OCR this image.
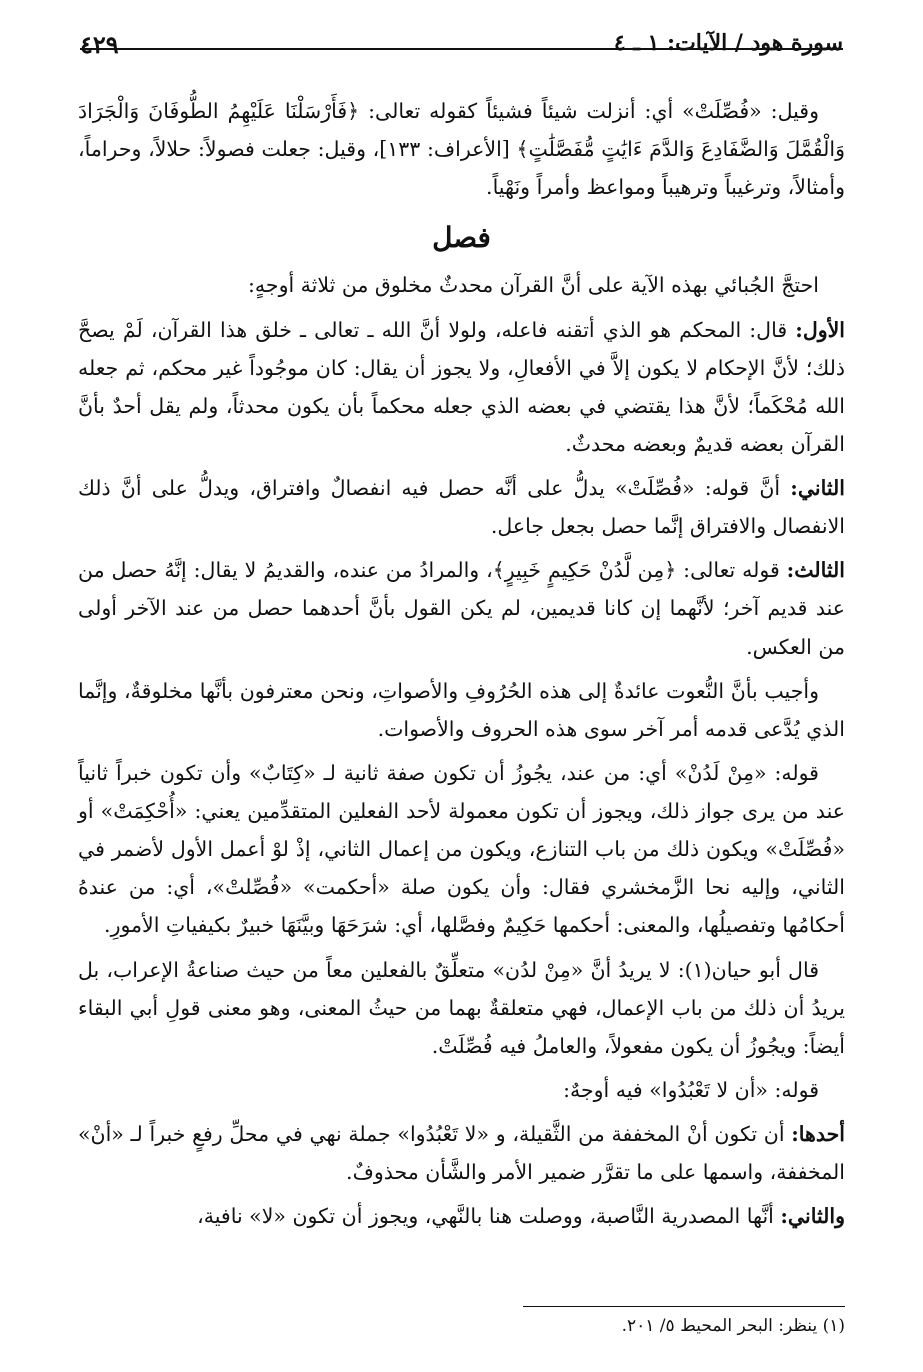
سورة هود / الآيات: ١ ـ ٤
٤٢٩

وقيل: «فُصِّلَتْ» أي: أنزلت شيئاً فشيئاً كقوله تعالى: ﴿فَأَرْسَلْنَا عَلَيْهِمُ الطُّوفَانَ وَالْجَرَادَ وَالْقُمَّلَ وَالضَّفَادِعَ وَالدَّمَ ءَايَٰتٍ مُّفَصَّلَٰتٍ﴾ [الأعراف: ١٣٣]، وقيل: جعلت فصولاً: حلالاً، وحراماً، وأمثالاً، وترغيباً وترهيباً ومواعظ وأمراً ونَهْياً.

فصل

احتجَّ الجُبائي بهذه الآية على أنَّ القرآن محدثٌ مخلوق من ثلاثة أوجهٍ:

الأول: قال: المحكم هو الذي أتقنه فاعله، ولولا أنَّ الله ـ تعالى ـ خلق هذا القرآن، لَمْ يصحَّ ذلك؛ لأنَّ الإحكام لا يكون إلاَّ في الأفعالِ، ولا يجوز أن يقال: كان موجُوداً غير محكم، ثم جعله الله مُحْكَماً؛ لأنَّ هذا يقتضي في بعضه الذي جعله محكماً بأن يكون محدثاً، ولم يقل أحدٌ بأنَّ القرآن بعضه قديمٌ وبعضه محدثٌ.

الثاني: أنَّ قوله: «فُصِّلَتْ» يدلُّ على أنَّه حصل فيه انفصالٌ وافتراق، ويدلُّ على أنَّ ذلك الانفصال والافتراق إنَّما حصل بجعل جاعل.

الثالث: قوله تعالى: ﴿مِن لَّدُنْ حَكِيمٍ خَبِيرٍ﴾، والمرادُ من عنده، والقديمُ لا يقال: إنَّهُ حصل من عند قديم آخر؛ لأنَّهما إن كانا قديمين، لم يكن القول بأنَّ أحدهما حصل من عند الآخر أولى من العكس.

وأجيب بأنَّ النُّعوت عائدةٌ إلى هذه الحُرُوفِ والأصواتِ، ونحن معترفون بأنَّها مخلوقةٌ، وإنَّما الذي يُدَّعى قدمه أمر آخر سوى هذه الحروف والأصوات.

قوله: «مِنْ لَدُنْ» أي: من عند، يجُوزُ أن تكون صفة ثانية لـ «كِتَابٌ» وأن تكون خبراً ثانياً عند من يرى جواز ذلك، ويجوز أن تكون معمولة لأحد الفعلين المتقدِّمين يعني: «أُحْكِمَتْ» أو «فُصِّلَتْ» ويكون ذلك من باب التنازع، ويكون من إعمال الثاني، إذْ لوْ أعمل الأول لأضمر في الثاني، وإليه نحا الزَّمخشري فقال: وأن يكون صلة «أحكمت» «فُصِّلتْ»، أي: من عندهُ أحكامُها وتفصيلُها، والمعنى: أحكمها حَكِيمٌ وفصَّلها، أي: شرَحَهَا وبيَّنَهَا خبيرٌ بكيفياتِ الأمورِ.

قال أبو حيان(١): لا يريدُ أنَّ «مِنْ لدُن» متعلِّقٌ بالفعلين معاً من حيث صناعةُ الإعراب، بل يريدُ أن ذلك من باب الإعمال، فهي متعلقةٌ بهما من حيثُ المعنى، وهو معنى قولِ أبي البقاء أيضاً: ويجُوزُ أن يكون مفعولاً، والعاملُ فيه فُصِّلَتْ.

قوله: «أن لا تَعْبُدُوا» فيه أوجهٌ:

أحدها: أن تكون أنْ المخففة من الثَّقيلة، و «لا تَعْبُدُوا» جملة نهي في محلِّ رفعٍ خبراً لـ «أنْ» المخففة، واسمها على ما تقرَّر ضمير الأمر والشَّأن محذوفٌ.

والثاني: أنَّها المصدرية النَّاصبة، ووصلت هنا بالنَّهي، ويجوز أن تكون «لا» نافية،

(١) ينظر: البحر المحيط ٥/ ٢٠١.
